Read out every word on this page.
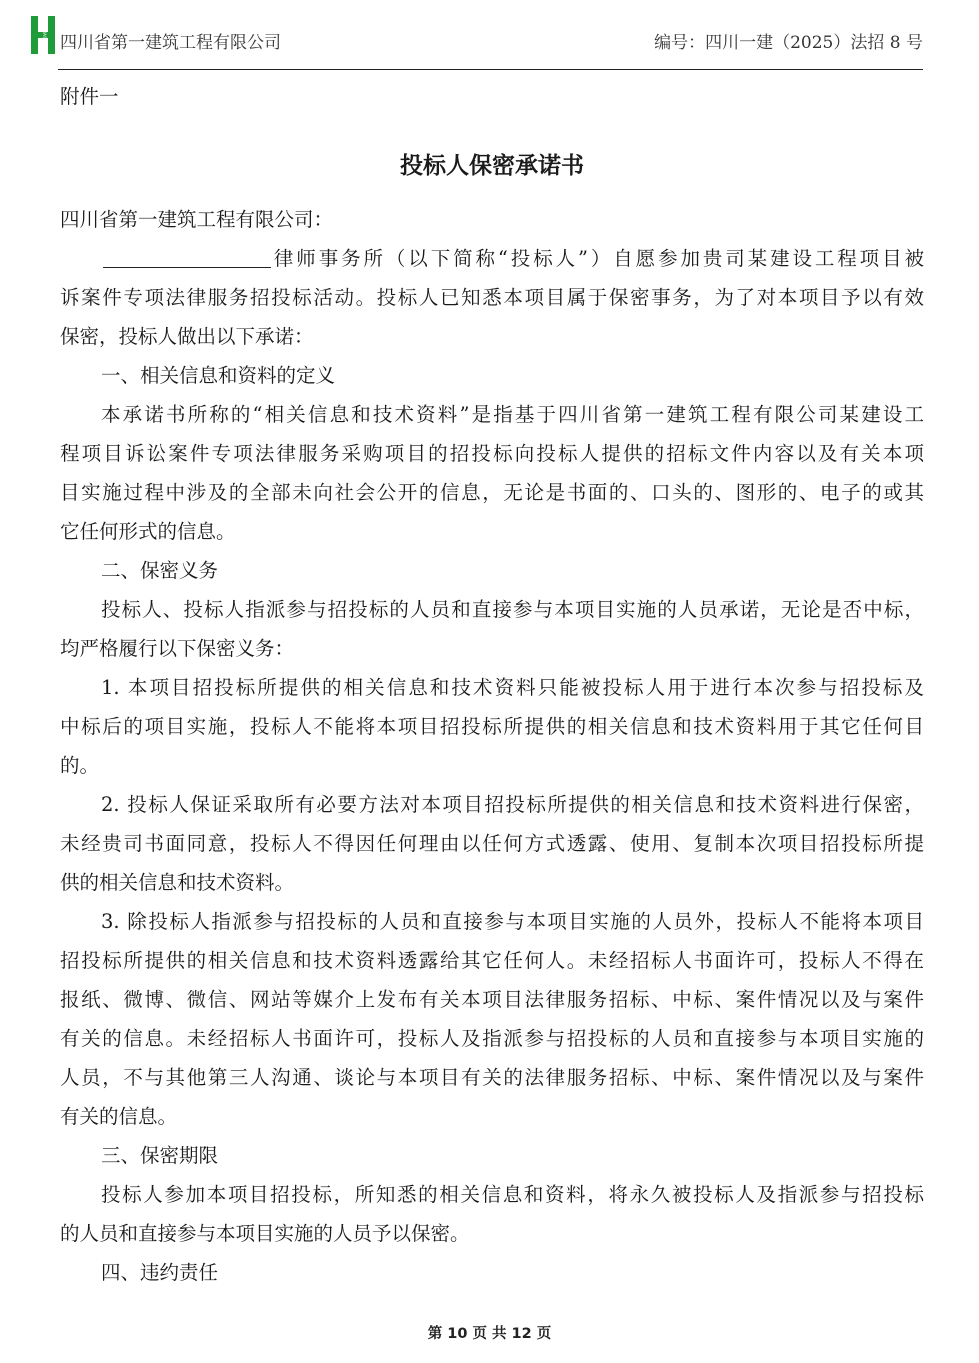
HUASHI 四川省第一建筑工程有限公司	编号：四川一建（2025）法招 8 号
附件一
投标人保密承诺书
四川省第一建筑工程有限公司：
律师事务所（以下简称“投标人”）自愿参加贵司某建设工程项目被
诉案件专项法律服务招投标活动。投标人已知悉本项目属于保密事务，为了对本项目予以有效
保密，投标人做出以下承诺：
一、相关信息和资料的定义
本承诺书所称的“相关信息和技术资料”是指基于四川省第一建筑工程有限公司某建设工
程项目诉讼案件专项法律服务采购项目的招投标向投标人提供的招标文件内容以及有关本项
目实施过程中涉及的全部未向社会公开的信息，无论是书面的、口头的、图形的、电子的或其
它任何形式的信息。
二、保密义务
投标人、投标人指派参与招投标的人员和直接参与本项目实施的人员承诺，无论是否中标，
均严格履行以下保密义务：
1. 本项目招投标所提供的相关信息和技术资料只能被投标人用于进行本次参与招投标及
中标后的项目实施，投标人不能将本项目招投标所提供的相关信息和技术资料用于其它任何目
的。
2. 投标人保证采取所有必要方法对本项目招投标所提供的相关信息和技术资料进行保密，
未经贵司书面同意，投标人不得因任何理由以任何方式透露、使用、复制本次项目招投标所提
供的相关信息和技术资料。
3. 除投标人指派参与招投标的人员和直接参与本项目实施的人员外，投标人不能将本项目
招投标所提供的相关信息和技术资料透露给其它任何人。未经招标人书面许可，投标人不得在
报纸、微博、微信、网站等媒介上发布有关本项目法律服务招标、中标、案件情况以及与案件
有关的信息。未经招标人书面许可，投标人及指派参与招投标的人员和直接参与本项目实施的
人员，不与其他第三人沟通、谈论与本项目有关的法律服务招标、中标、案件情况以及与案件
有关的信息。
三、保密期限
投标人参加本项目招投标，所知悉的相关信息和资料，将永久被投标人及指派参与招投标
的人员和直接参与本项目实施的人员予以保密。
四、违约责任
第 10 页 共 12 页
